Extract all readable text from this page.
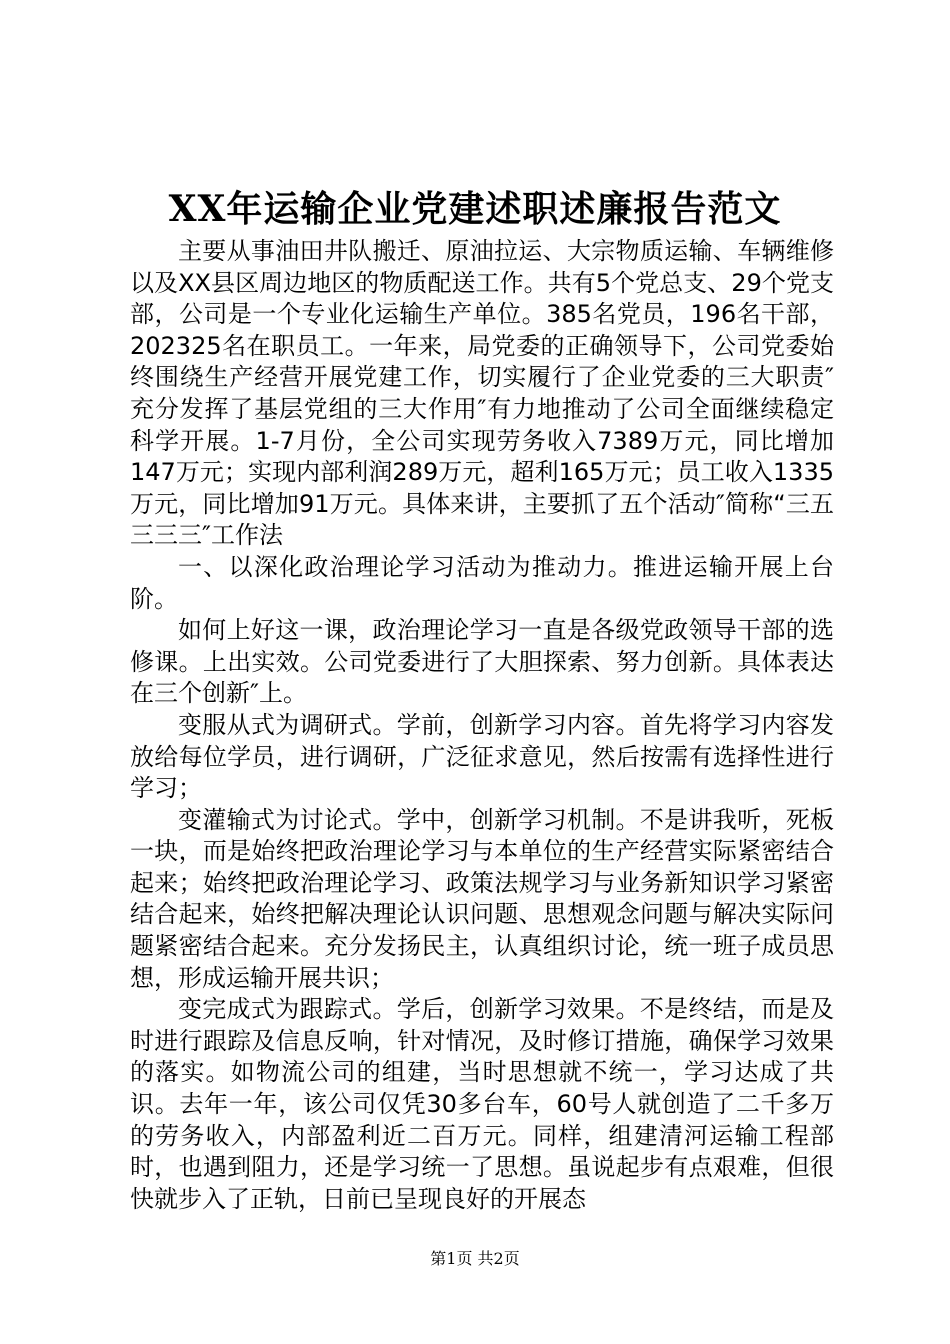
XX年运输企业党建述职述廉报告范文

主要从事油田井队搬迁、原油拉运、大宗物质运输、车辆维修以及XX县区周边地区的物质配送工作。共有5个党总支、29个党支部，公司是一个专业化运输生产单位。385名党员，196名干部，202325名在职员工。一年来，局党委的正确领导下，公司党委始终围绕生产经营开展党建工作，切实履行了企业党委的三大职责″充分发挥了基层党组的三大作用″有力地推动了公司全面继续稳定科学开展。1-7月份，全公司实现劳务收入7389万元，同比增加147万元；实现内部利润289万元，超利165万元；员工收入1335万元，同比增加91万元。具体来讲，主要抓了五个活动″简称“三五三三三″工作法

一、以深化政治理论学习活动为推动力。推进运输开展上台阶。

如何上好这一课，政治理论学习一直是各级党政领导干部的选修课。上出实效。公司党委进行了大胆探索、努力创新。具体表达在三个创新″上。

变服从式为调研式。学前，创新学习内容。首先将学习内容发放给每位学员，进行调研，广泛征求意见，然后按需有选择性进行学习；

变灌输式为讨论式。学中，创新学习机制。不是讲我听，死板一块，而是始终把政治理论学习与本单位的生产经营实际紧密结合起来；始终把政治理论学习、政策法规学习与业务新知识学习紧密结合起来，始终把解决理论认识问题、思想观念问题与解决实际问题紧密结合起来。充分发扬民主，认真组织讨论，统一班子成员思想，形成运输开展共识；

变完成式为跟踪式。学后，创新学习效果。不是终结，而是及时进行跟踪及信息反响，针对情况，及时修订措施，确保学习效果的落实。如物流公司的组建，当时思想就不统一，学习达成了共识。去年一年，该公司仅凭30多台车，60号人就创造了二千多万的劳务收入，内部盈利近二百万元。同样，组建清河运输工程部时，也遇到阻力，还是学习统一了思想。虽说起步有点艰难，但很快就步入了正轨，日前已呈现良好的开展态

第1页 共2页
